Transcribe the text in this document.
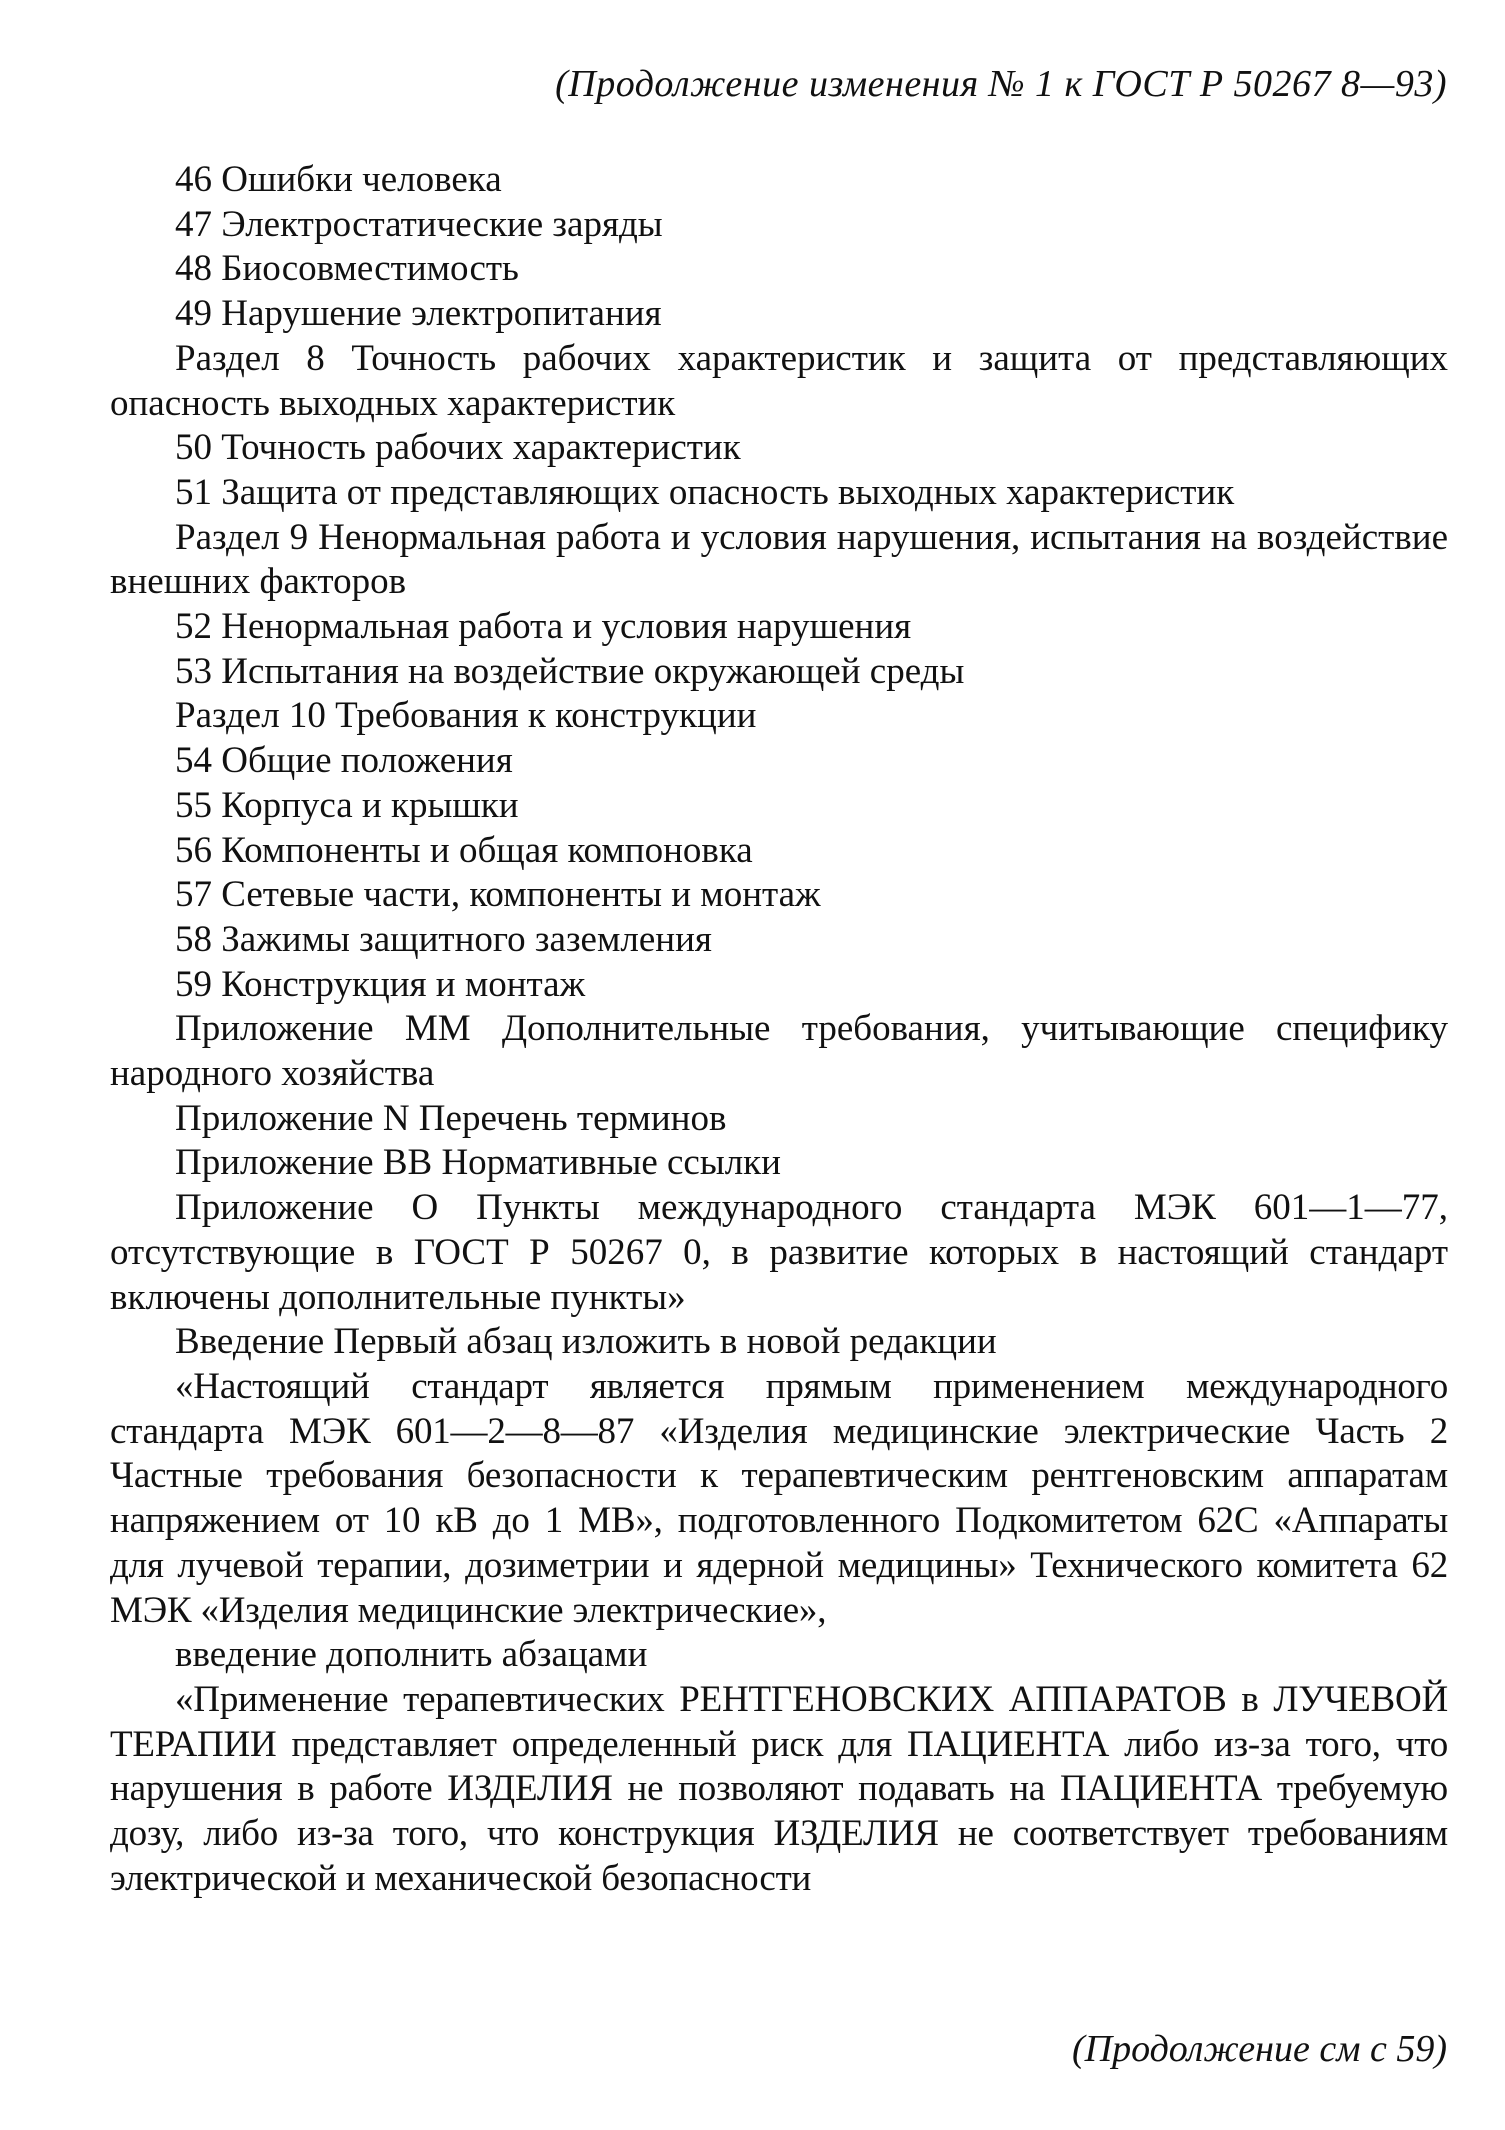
(Продолжение изменения № 1 к ГОСТ Р 50267 8—93)

46 Ошибки человека

47 Электростатические заряды

48 Биосовместимость

49 Нарушение электропитания

Раздел 8 Точность рабочих характеристик и защита от представляющих опасность выходных характеристик

50 Точность рабочих характеристик

51 Защита от представляющих опасность выходных характеристик

Раздел 9 Ненормальная работа и условия нарушения, испытания на воздействие внешних факторов

52 Ненормальная работа и условия нарушения

53 Испытания на воздействие окружающей среды

Раздел 10 Требования к конструкции

54 Общие положения

55 Корпуса и крышки

56 Компоненты и общая компоновка

57 Сетевые части, компоненты и монтаж

58 Зажимы защитного заземления

59 Конструкция и монтаж

Приложение ММ Дополнительные требования, учитывающие специфику народного хозяйства

Приложение N Перечень терминов

Приложение ВВ Нормативные ссылки

Приложение О Пункты международного стандарта МЭК 601—1—77, отсутствующие в ГОСТ Р 50267 0, в развитие которых в настоящий стандарт включены дополнительные пункты»

Введение Первый абзац изложить в новой редакции

«Настоящий стандарт является прямым применением международного стандарта МЭК 601—2—8—87 «Изделия медицинские электрические Часть 2 Частные требования безопасности к терапевтическим рентгеновским аппаратам напряжением от 10 кВ до 1 МВ», подготовленного Подкомитетом 62С «Аппараты для лучевой терапии, дозиметрии и ядерной медицины» Технического комитета 62 МЭК «Изделия медицинские электрические»,

введение дополнить абзацами

«Применение терапевтических РЕНТГЕНОВСКИХ АППАРАТОВ в ЛУЧЕВОЙ ТЕРАПИИ представляет определенный риск для ПАЦИЕНТА либо из-за того, что нарушения в работе ИЗДЕЛИЯ не позволяют подавать на ПАЦИЕНТА требуемую дозу, либо из-за того, что конструкция ИЗДЕЛИЯ не соответствует требованиям электрической и механической безопасности

(Продолжение см с 59)
